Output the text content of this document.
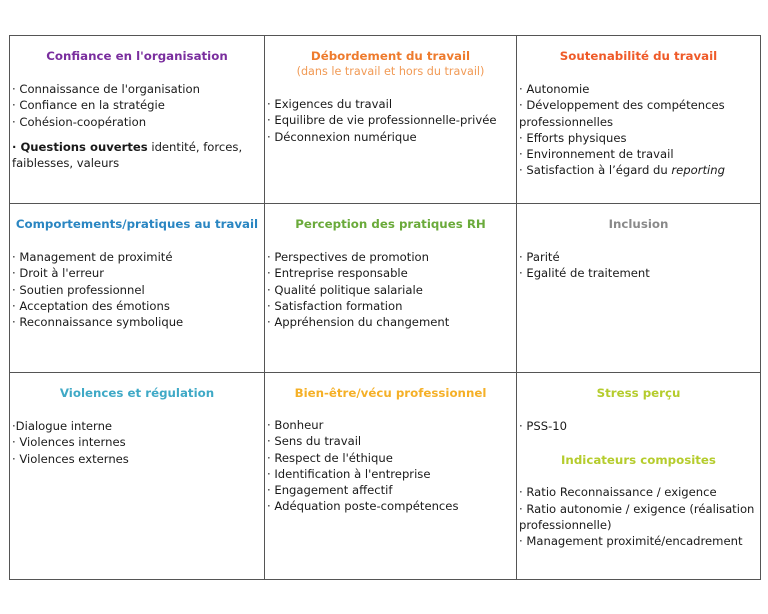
Confiance en l'organisation
· Connaissance de l'organisation
· Confiance en la stratégie
· Cohésion-coopération
· Questions ouvertes identité, forces, faiblesses, valeurs
Débordement du travail
(dans le travail et hors du travail)
· Exigences du travail
· Equilibre de vie professionnelle-privée
· Déconnexion numérique
Soutenabilité du travail
· Autonomie
· Développement des compétences professionnelles
· Efforts physiques
· Environnement de travail
· Satisfaction à l’égard du reporting
Comportements/pratiques au travail
· Management de proximité
· Droit à l'erreur
· Soutien professionnel
· Acceptation des émotions
· Reconnaissance symbolique
Perception des pratiques RH
· Perspectives de promotion
· Entreprise responsable
· Qualité politique salariale
· Satisfaction formation
· Appréhension du changement
Inclusion
· Parité
· Egalité de traitement
Violences et régulation
·Dialogue interne
· Violences internes
· Violences externes
Bien-être/vécu professionnel
· Bonheur
· Sens du travail
· Respect de l'éthique
· Identification à l'entreprise
· Engagement affectif
· Adéquation poste-compétences
Stress perçu
· PSS-10
Indicateurs composites
· Ratio Reconnaissance / exigence
· Ratio autonomie / exigence (réalisation professionnelle)
· Management proximité/encadrement
